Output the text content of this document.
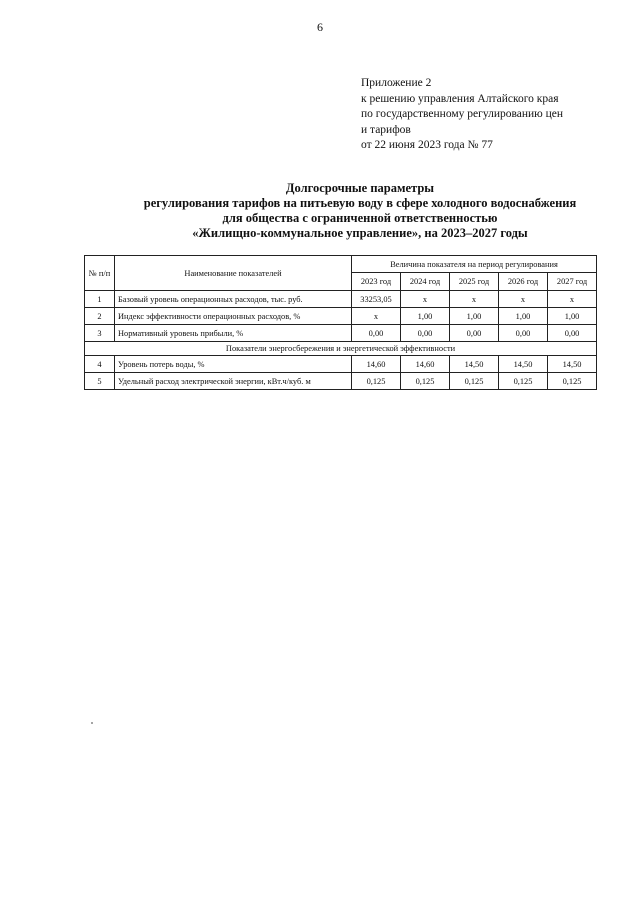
6
Приложение 2
к решению управления Алтайского края
по государственному регулированию цен
и тарифов
от 22 июня 2023 года № 77
Долгосрочные параметры
регулирования тарифов на питьевую воду в сфере холодного водоснабжения
для общества с ограниченной ответственностью
«Жилищно-коммунальное управление», на 2023–2027 годы
№ п/п	Наименование показателей	Величина показателя на период регулирования				
		2023 год	2024 год	2025 год	2026 год	2027 год
1	Базовый уровень операционных расходов, тыс. руб.	33253,05	x	x	x	x
2	Индекс эффективности операционных расходов, %	x	1,00	1,00	1,00	1,00
3	Нормативный уровень прибыли, %	0,00	0,00	0,00	0,00	0,00
Показатели энергосбережения и энергетической эффективности						
4	Уровень потерь воды, %	14,60	14,60	14,50	14,50	14,50
5	Удельный расход электрической энергии, кВт.ч/куб. м	0,125	0,125	0,125	0,125	0,125
